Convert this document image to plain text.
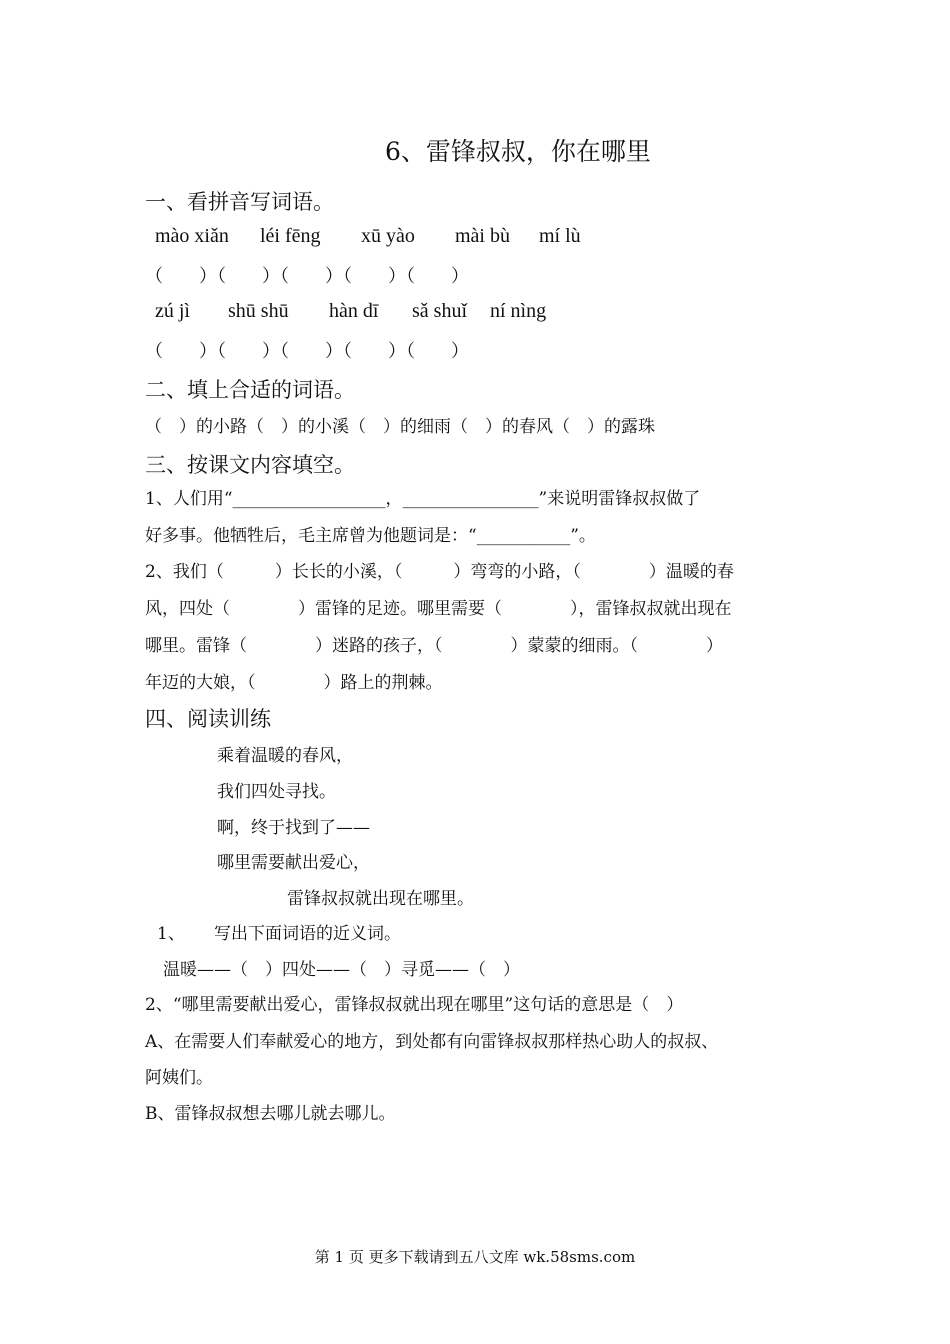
6、雷锋叔叔，你在哪里
一、看拼音写词语。
mào xiǎn léi fēng xū yào mài bù mí lù
（　　）（　　）（　　）（　　）（　　）
zú jì shū shū hàn dī sǎ shuǐ ní nìng
（　　）（　　）（　　）（　　）（　　）
二、填上合适的词语。
（　）的小路（　）的小溪（　）的细雨（　）的春风（　）的露珠
三、按课文内容填空。
1、人们用“__________________，________________”来说明雷锋叔叔做了
好多事。他牺牲后，毛主席曾为他题词是：“___________”。
2、我们（　　　）长长的小溪，（　　　）弯弯的小路，（　　　　）温暖的春
风，四处（　　　　）雷锋的足迹。哪里需要（　　　　），雷锋叔叔就出现在
哪里。雷锋（　　　　）迷路的孩子，（　　　　）蒙蒙的细雨。（　　　　）
年迈的大娘，（　　　　）路上的荆棘。
四、阅读训练
乘着温暖的春风，
我们四处寻找。
啊，终于找到了——
哪里需要献出爱心，
雷锋叔叔就出现在哪里。
1、 写出下面词语的近义词。
温暖——（　）四处——（　）寻觅——（　）
2、“哪里需要献出爱心，雷锋叔叔就出现在哪里”这句话的意思是（　）
A、在需要人们奉献爱心的地方，到处都有向雷锋叔叔那样热心助人的叔叔、
阿姨们。
B、雷锋叔叔想去哪儿就去哪儿。
第 1 页 更多下载请到五八文库 wk.58sms.com
